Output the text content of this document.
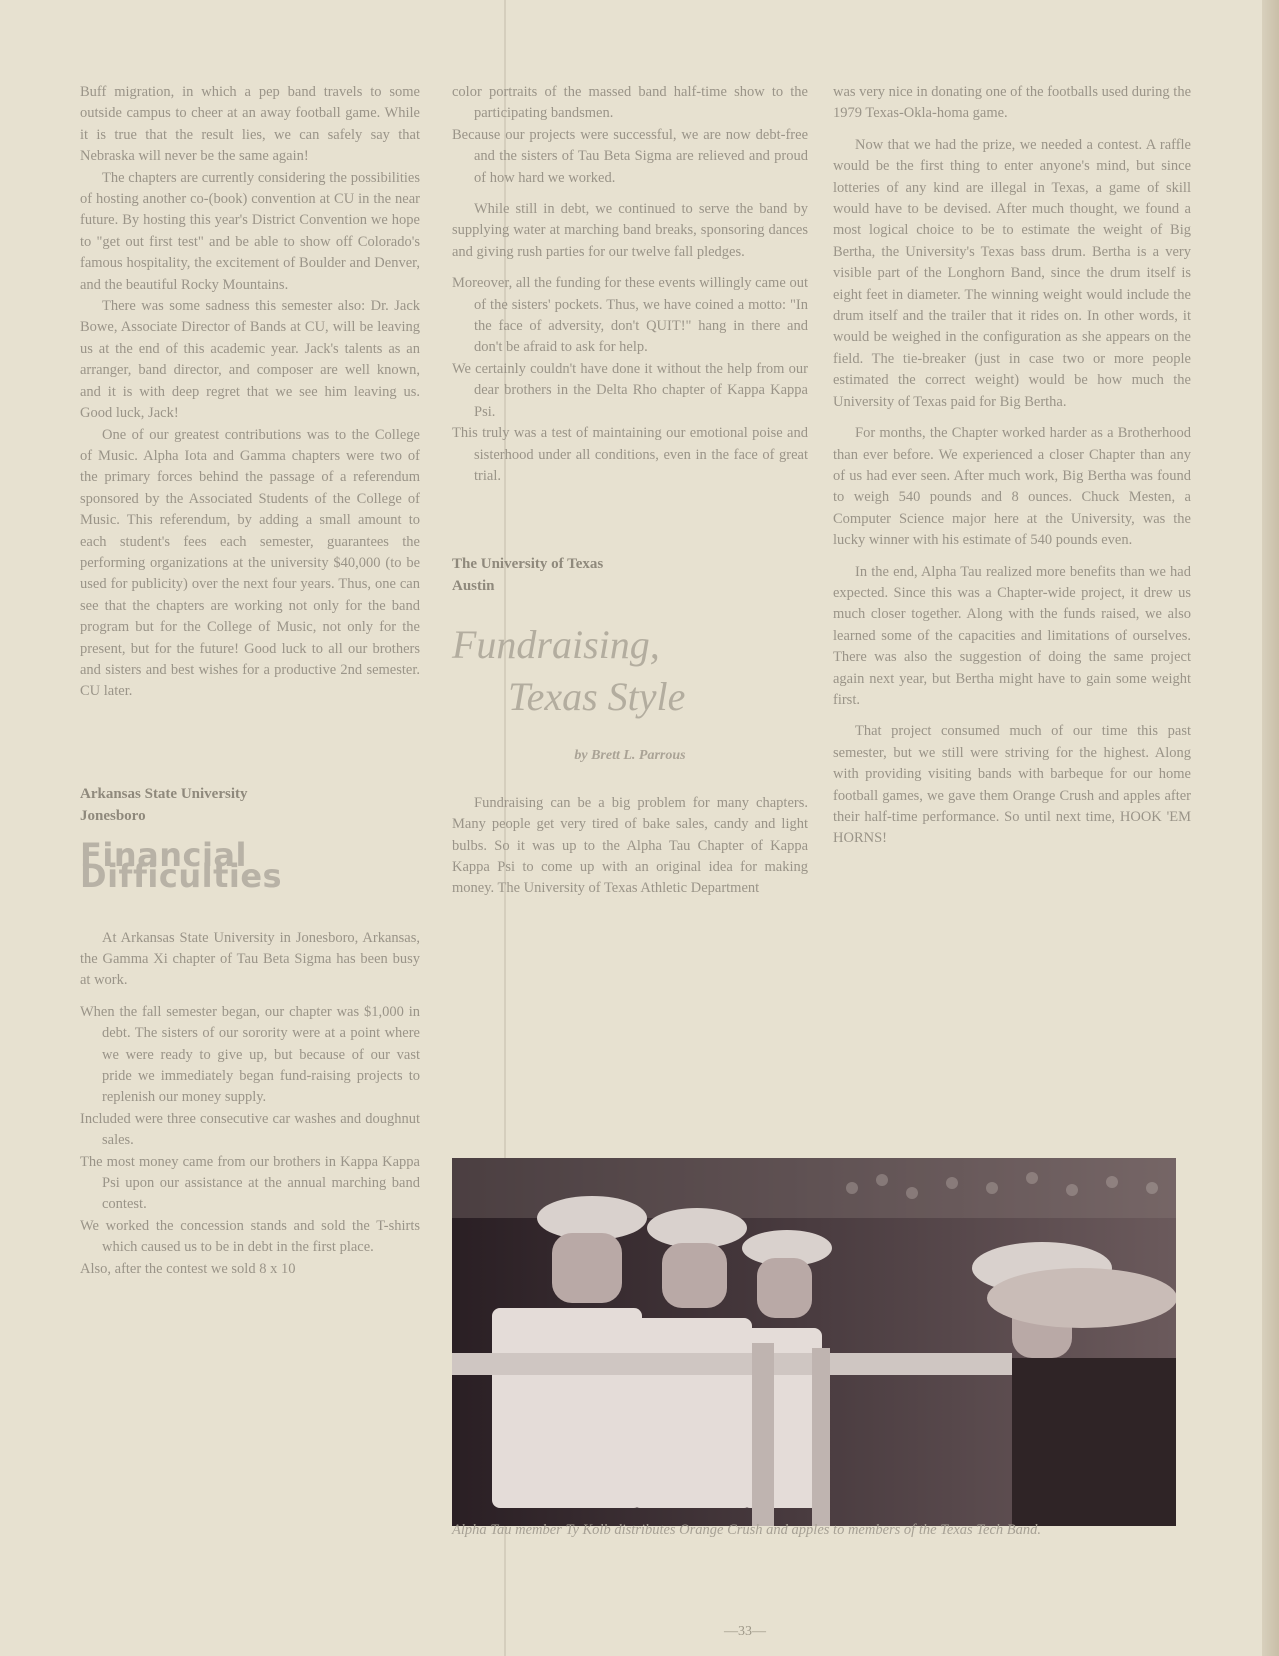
Buff migration, in which a pep band travels to some outside campus to cheer at an away football game. While it is true that the result lies, we can safely say that Nebraska will never be the same again!

The chapters are currently considering the possibilities of hosting another co-(book) convention at CU in the near future. By hosting this year's District Convention we hope to "get out first test" and be able to show off Colorado's famous hospitality, the excitement of Boulder and Denver, and the beautiful Rocky Mountains.

There was some sadness this semester also: Dr. Jack Bowe, Associate Director of Bands at CU, will be leaving us at the end of this academic year. Jack's talents as an arranger, band director, and composer are well known, and it is with deep regret that we see him leaving us. Good luck, Jack!

One of our greatest contributions was to the College of Music. Alpha Iota and Gamma chapters were two of the primary forces behind the passage of a referendum sponsored by the Associated Students of the College of Music. This referendum, by adding a small amount to each student's fees each semester, guarantees the performing organizations at the university $40,000 (to be used for publicity) over the next four years. Thus, one can see that the chapters are working not only for the band program but for the College of Music, not only for the present, but for the future! Good luck to all our brothers and sisters and best wishes for a productive 2nd semester. CU later.

Arkansas State University
Jonesboro
Financial Difficulties

At Arkansas State University in Jonesboro, Arkansas, the Gamma Xi chapter of Tau Beta Sigma has been busy at work.

When the fall semester began, our chapter was $1,000 in debt. The sisters of our sorority were at a point where we were ready to give up, but because of our vast pride we immediately began fund-raising projects to replenish our money supply.

Included were three consecutive car washes and doughnut sales.

The most money came from our brothers in Kappa Kappa Psi upon our assistance at the annual marching band contest.

We worked the concession stands and sold the T-shirts which caused us to be in debt in the first place.

Also, after the contest we sold 8 x 10

color portraits of the massed band half-time show to the participating bandsmen.

Because our projects were successful, we are now debt-free and the sisters of Tau Beta Sigma are relieved and proud of how hard we worked.

While still in debt, we continued to serve the band by supplying water at marching band breaks, sponsoring dances and giving rush parties for our twelve fall pledges.

Moreover, all the funding for these events willingly came out of the sisters' pockets. Thus, we have coined a motto: "In the face of adversity, don't QUIT!" hang in there and don't be afraid to ask for help.

We certainly couldn't have done it without the help from our dear brothers in the Delta Rho chapter of Kappa Kappa Psi.

This truly was a test of maintaining our emotional poise and sisterhood under all conditions, even in the face of great trial.

The University of Texas
Austin
Fundraising,
Texas Style
by Brett L. Parrous

Fundraising can be a big problem for many chapters. Many people get very tired of bake sales, candy and light bulbs. So it was up to the Alpha Tau Chapter of Kappa Kappa Psi to come up with an original idea for making money. The University of Texas Athletic Department

was very nice in donating one of the footballs used during the 1979 Texas-Okla-homa game.

Now that we had the prize, we needed a contest. A raffle would be the first thing to enter anyone's mind, but since lotteries of any kind are illegal in Texas, a game of skill would have to be devised. After much thought, we found a most logical choice to be to estimate the weight of Big Bertha, the University's Texas bass drum. Bertha is a very visible part of the Longhorn Band, since the drum itself is eight feet in diameter. The winning weight would include the drum itself and the trailer that it rides on. In other words, it would be weighed in the configuration as she appears on the field. The tie-breaker (just in case two or more people estimated the correct weight) would be how much the University of Texas paid for Big Bertha.

For months, the Chapter worked harder as a Brotherhood than ever before. We experienced a closer Chapter than any of us had ever seen. After much work, Big Bertha was found to weigh 540 pounds and 8 ounces. Chuck Mesten, a Computer Science major here at the University, was the lucky winner with his estimate of 540 pounds even.

In the end, Alpha Tau realized more benefits than we had expected. Since this was a Chapter-wide project, it drew us much closer together. Along with the funds raised, we also learned some of the capacities and limitations of ourselves. There was also the suggestion of doing the same project again next year, but Bertha might have to gain some weight first.

That project consumed much of our time this past semester, but we still were striving for the highest. Along with providing visiting bands with barbeque for our home football games, we gave them Orange Crush and apples after their half-time performance. So until next time, HOOK 'EM HORNS!

Alpha Tau member Ty Kolb distributes Orange Crush and apples to members of the Texas Tech Band.
—33—
